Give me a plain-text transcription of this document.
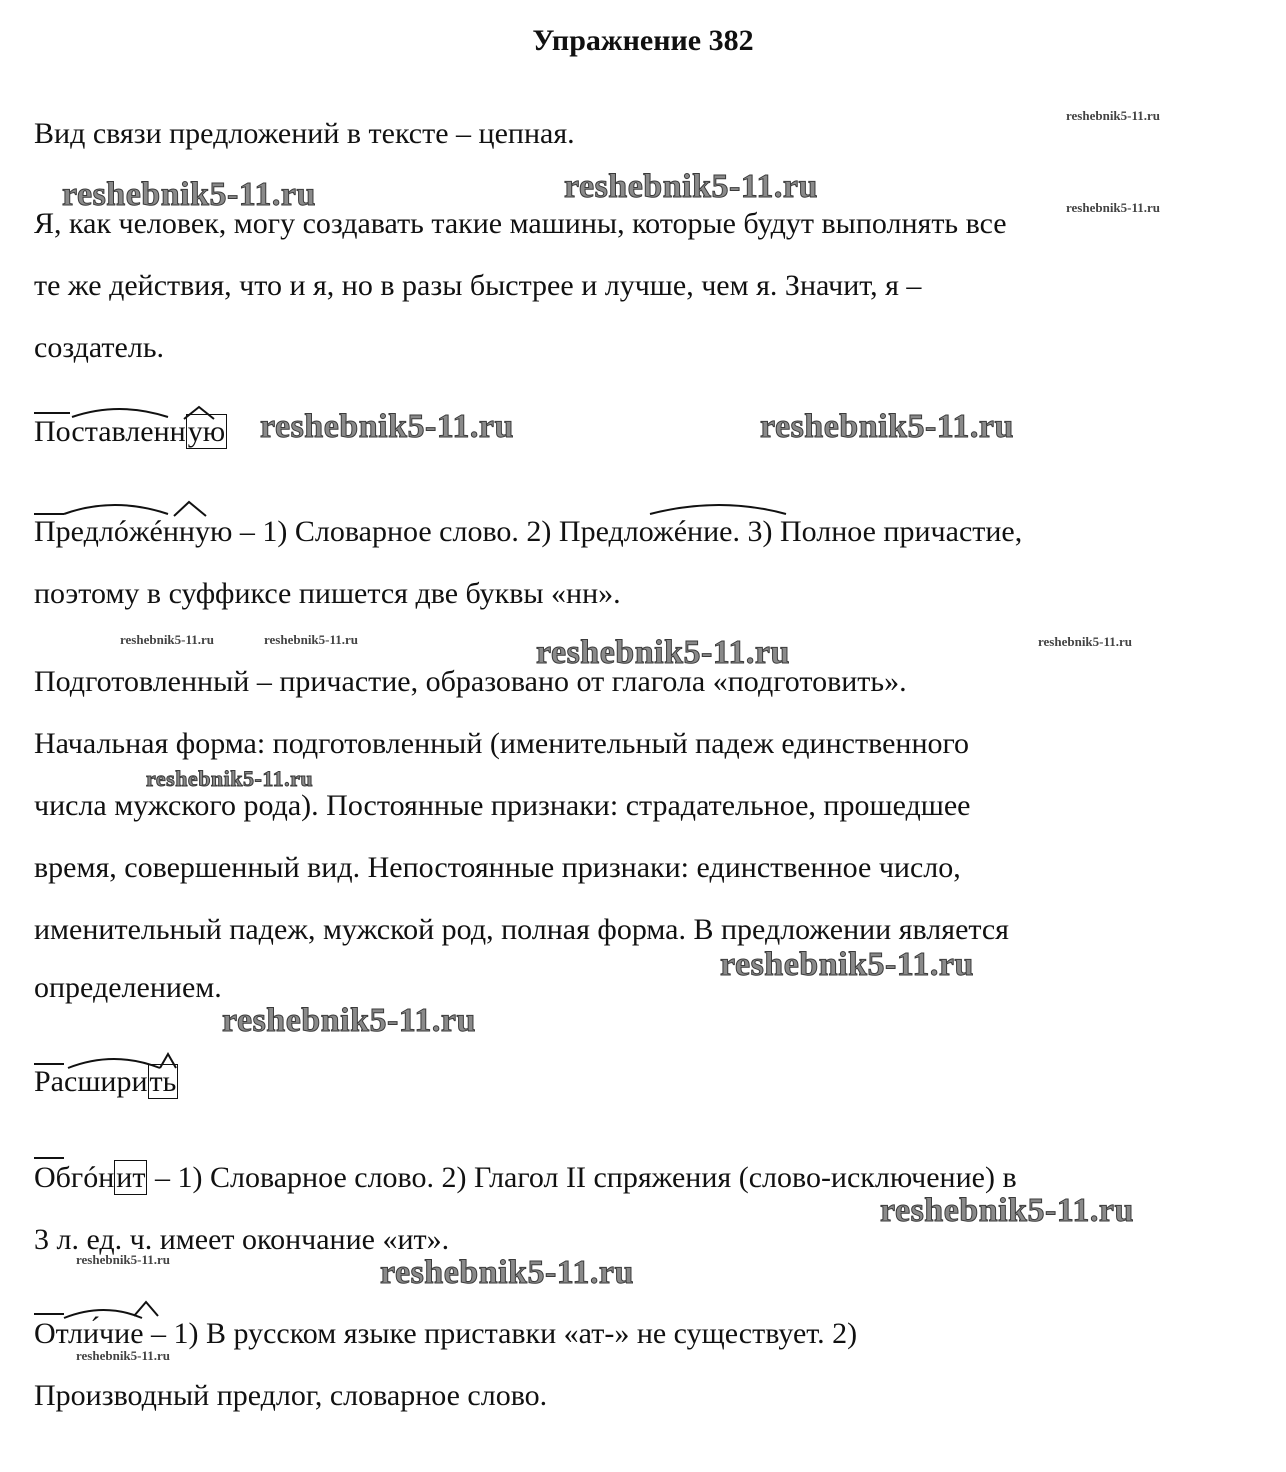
Упражнение 382
Вид связи предложений в тексте – цепная.
Я, как человек, могу создавать такие машины, которые будут выполнять все
те же действия, что и я, но в разы быстрее и лучше, чем я. Значит, я –
создатель.
Поставленную
Предлóжéнную – 1) Словарное слово. 2) Предложéние. 3) Полное причастие,
поэтому в суффиксе пишется две буквы «нн».
Подготовленный – причастие, образовано от глагола «подготовить».
Начальная форма: подготовленный (именительный падеж единственного
числа мужского рода). Постоянные признаки: страдательное, прошедшее
время, совершенный вид. Непостоянные признаки: единственное число,
именительный падеж, мужской род, полная форма. В предложении является
определением.
Расширить
Обгóнит – 1) Словарное слово. 2) Глагол II спряжения (слово-исключение) в
3 л. ед. ч. имеет окончание «ит».
Отли́чие – 1) В русском языке приставки «ат-» не существует. 2)
Производный предлог, словарное слово.
reshebnik5-11.ru	reshebnik5-11.ru
reshebnik5-11.ru
reshebnik5-11.ru
reshebnik5-11.ru	reshebnik5-11.ru
reshebnik5-11.ru	reshebnik5-11.ru	reshebnik5-11.ru	reshebnik5-11.ru
reshebnik5-11.ru
reshebnik5-11.ru
reshebnik5-11.ru
reshebnik5-11.ru
reshebnik5-11.ru	reshebnik5-11.ru
reshebnik5-11.ru
